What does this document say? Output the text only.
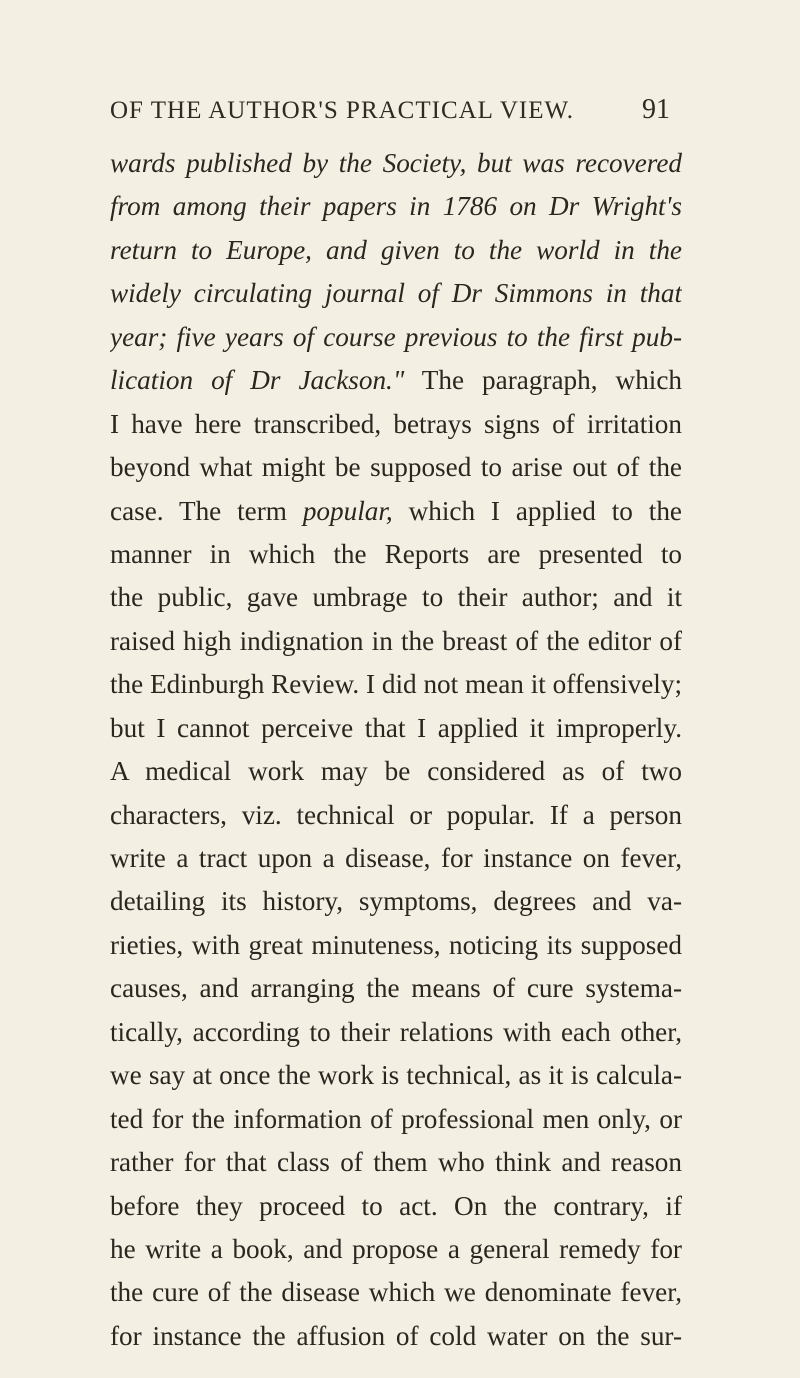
OF THE AUTHOR'S PRACTICAL VIEW. 91
wards published by the Society, but was recovered
from among their papers in 1786 on Dr Wright's
return to Europe, and given to the world in the
widely circulating journal of Dr Simmons in that
year; five years of course previous to the first pub-
lication of Dr Jackson." The paragraph, which
I have here transcribed, betrays signs of irritation
beyond what might be supposed to arise out of the
case. The term popular, which I applied to the
manner in which the Reports are presented to
the public, gave umbrage to their author; and it
raised high indignation in the breast of the editor of
the Edinburgh Review. I did not mean it offensively;
but I cannot perceive that I applied it improperly.
A medical work may be considered as of two
characters, viz. technical or popular. If a person
write a tract upon a disease, for instance on fever,
detailing its history, symptoms, degrees and va-
rieties, with great minuteness, noticing its supposed
causes, and arranging the means of cure systema-
tically, according to their relations with each other,
we say at once the work is technical, as it is calcula-
ted for the information of professional men only, or
rather for that class of them who think and reason
before they proceed to act. On the contrary, if
he write a book, and propose a general remedy for
the cure of the disease which we denominate fever,
for instance the affusion of cold water on the sur-
